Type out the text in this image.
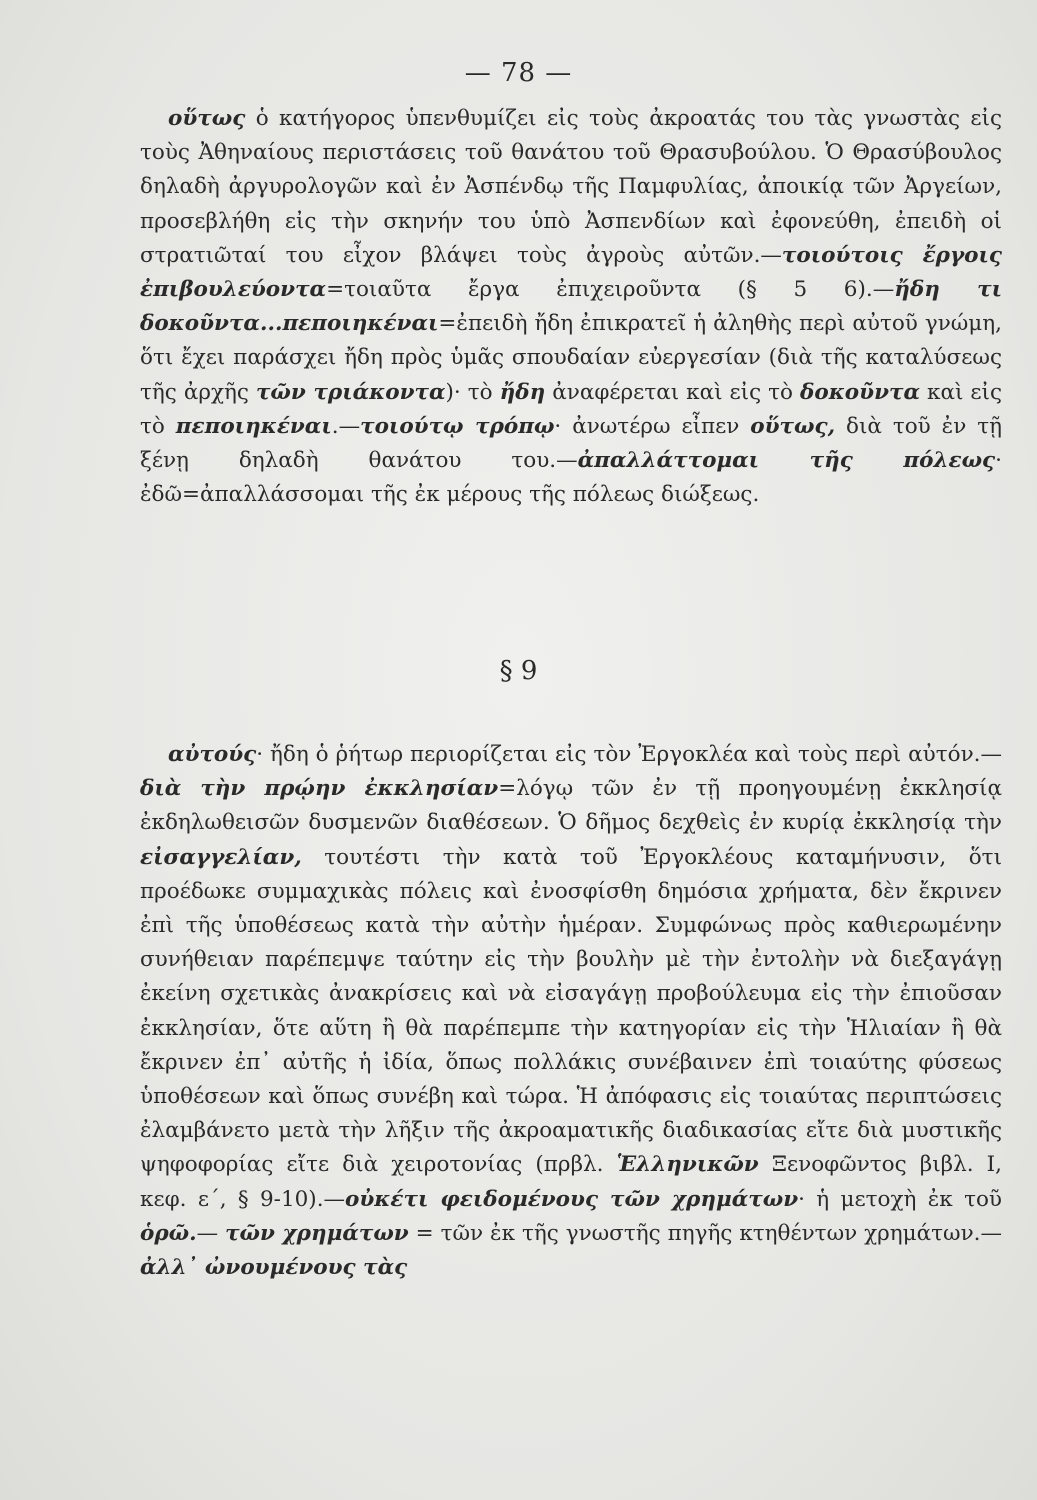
— 78 —

οὕτως ὁ κατήγορος ὑπενθυμίζει εἰς τοὺς ἀκροατάς του τὰς γνωστὰς εἰς τοὺς Ἀθηναίους περιστάσεις τοῦ θανάτου τοῦ Θρασυβούλου. Ὁ Θρασύβουλος δηλαδὴ ἀργυρολογῶν καὶ ἐν Ἀσπένδῳ τῆς Παμφυλίας, ἀποικίᾳ τῶν Ἀργείων, προσεβλήθη εἰς τὴν σκηνήν του ὑπὸ Ἀσπενδίων καὶ ἐφονεύθη, ἐπειδὴ οἱ στρατιῶταί του εἶχον βλάψει τοὺς ἀγροὺς αὐτῶν.—τοιούτοις ἔργοις ἐπιβουλεύοντα=τοιαῦτα ἔργα ἐπιχειροῦντα (§ 5 6).—ἤδη τι δοκοῦντα...πεποιηκέναι=ἐπειδὴ ἤδη ἐπικρατεῖ ἡ ἀληθὴς περὶ αὐτοῦ γνώμη, ὅτι ἔχει παράσχει ἤδη πρὸς ὑμᾶς σπουδαίαν εὐεργεσίαν (διὰ τῆς καταλύσεως τῆς ἀρχῆς τῶν τριάκοντα)· τὸ ἤδη ἀναφέρεται καὶ εἰς τὸ δοκοῦντα καὶ εἰς τὸ πεποιηκέναι.—τοιούτῳ τρόπῳ· ἀνωτέρω εἶπεν οὕτως, διὰ τοῦ ἐν τῇ ξένῃ δηλαδὴ θανάτου του.—ἀπαλλάττομαι τῆς πόλεως· ἐδῶ=ἀπαλλάσσομαι τῆς ἐκ μέρους τῆς πόλεως διώξεως.

§ 9

αὐτούς· ἤδη ὁ ῥήτωρ περιορίζεται εἰς τὸν Ἐργοκλέα καὶ τοὺς περὶ αὐτόν.—διὰ τὴν πρῴην ἐκκλησίαν=λόγῳ τῶν ἐν τῇ προηγουμένῃ ἐκκλησίᾳ ἐκδηλωθεισῶν δυσμενῶν διαθέσεων. Ὁ δῆμος δεχθεὶς ἐν κυρίᾳ ἐκκλησίᾳ τὴν εἰσαγγελίαν, τουτέστι τὴν κατὰ τοῦ Ἐργοκλέους καταμήνυσιν, ὅτι προέδωκε συμμαχικὰς πόλεις καὶ ἐνοσφίσθη δημόσια χρήματα, δὲν ἔκρινεν ἐπὶ τῆς ὑποθέσεως κατὰ τὴν αὐτὴν ἡμέραν. Συμφώνως πρὸς καθιερωμένην συνήθειαν παρέπεμψε ταύτην εἰς τὴν βουλὴν μὲ τὴν ἐντολὴν νὰ διεξαγάγῃ ἐκείνη σχετικὰς ἀνακρίσεις καὶ νὰ εἰσαγάγῃ προβούλευμα εἰς τὴν ἐπιοῦσαν ἐκκλησίαν, ὅτε αὕτη ἢ θὰ παρέπεμπε τὴν κατηγορίαν εἰς τὴν Ἡλιαίαν ἢ θὰ ἔκρινεν ἐπ᾽ αὐτῆς ἡ ἰδία, ὅπως πολλάκις συνέβαινεν ἐπὶ τοιαύτης φύσεως ὑποθέσεων καὶ ὅπως συνέβη καὶ τώρα. Ἡ ἀπόφασις εἰς τοιαύτας περιπτώσεις ἐλαμβάνετο μετὰ τὴν λῆξιν τῆς ἀκροαματικῆς διαδικασίας εἴτε διὰ μυστικῆς ψηφοφορίας εἴτε διὰ χειροτονίας (πρβλ. Ἑλληνικῶν Ξενοφῶντος βιβλ. I, κεφ. ε΄, § 9-10).—οὐκέτι φειδομένους τῶν χρημάτων· ἡ μετοχὴ ἐκ τοῦ ὁρῶ.— τῶν χρημάτων = τῶν ἐκ τῆς γνωστῆς πηγῆς κτηθέντων χρημάτων.—ἀλλ᾽ ὠνουμένους τὰς
